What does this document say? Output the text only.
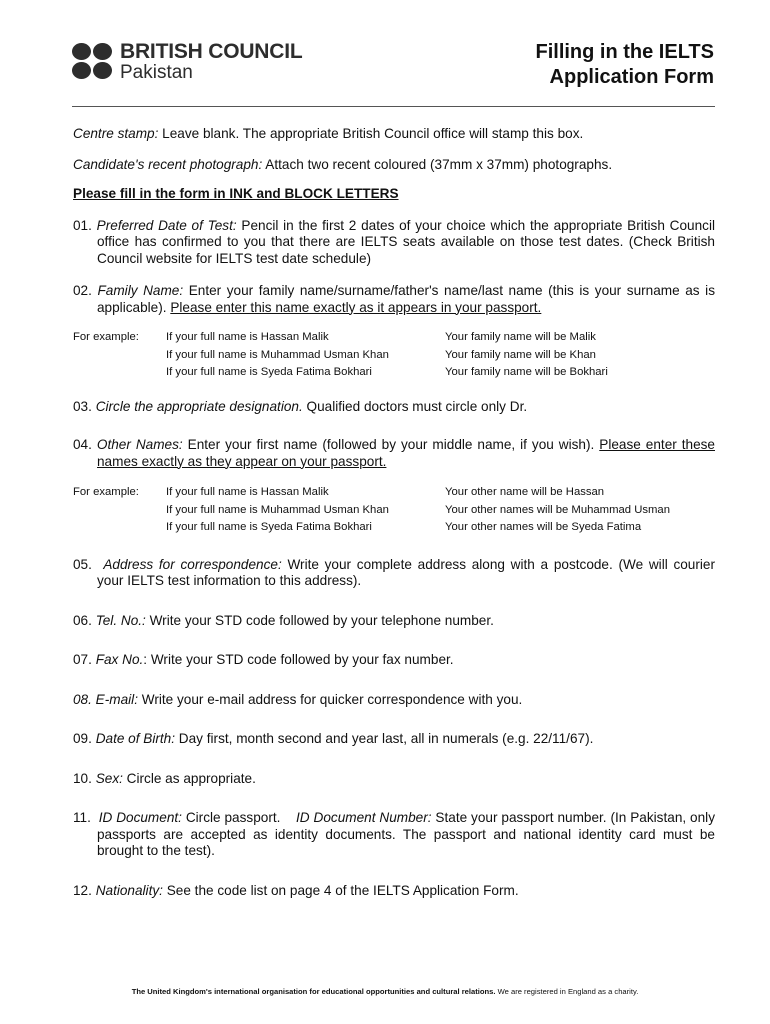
BRITISH COUNCIL
Pakistan
Filling in the IELTS
Application Form

Centre stamp: Leave blank. The appropriate British Council office will stamp this box.

Candidate's recent photograph: Attach two recent coloured (37mm x 37mm) photographs.

Please fill in the form in INK and BLOCK LETTERS

01. Preferred Date of Test: Pencil in the first 2 dates of your choice which the appropriate British Council office has confirmed to you that there are IELTS seats available on those test dates. (Check British Council website for IELTS test date schedule)

02. Family Name: Enter your family name/surname/father's name/last name (this is your surname as is applicable). Please enter this name exactly as it appears in your passport.

For example:	If your full name is Hassan Malik	Your family name will be Malik
If your full name is Muhammad Usman Khan	Your family name will be Khan
If your full name is Syeda Fatima Bokhari	Your family name will be Bokhari

03. Circle the appropriate designation. Qualified doctors must circle only Dr.

04. Other Names: Enter your first name (followed by your middle name, if you wish). Please enter these names exactly as they appear on your passport.

For example:	If your full name is Hassan Malik	Your other name will be Hassan
If your full name is Muhammad Usman Khan	Your other names will be Muhammad Usman
If your full name is Syeda Fatima Bokhari	Your other names will be Syeda Fatima

05. Address for correspondence: Write your complete address along with a postcode. (We will courier your IELTS test information to this address).

06. Tel. No.: Write your STD code followed by your telephone number.

07. Fax No.: Write your STD code followed by your fax number.

08. E-mail: Write your e-mail address for quicker correspondence with you.

09. Date of Birth: Day first, month second and year last, all in numerals (e.g. 22/11/67).

10. Sex: Circle as appropriate.

11. ID Document: Circle passport. ID Document Number: State your passport number. (In Pakistan, only passports are accepted as identity documents. The passport and national identity card must be brought to the test).

12. Nationality: See the code list on page 4 of the IELTS Application Form.

The United Kingdom's international organisation for educational opportunities and cultural relations. We are registered in England as a charity.
